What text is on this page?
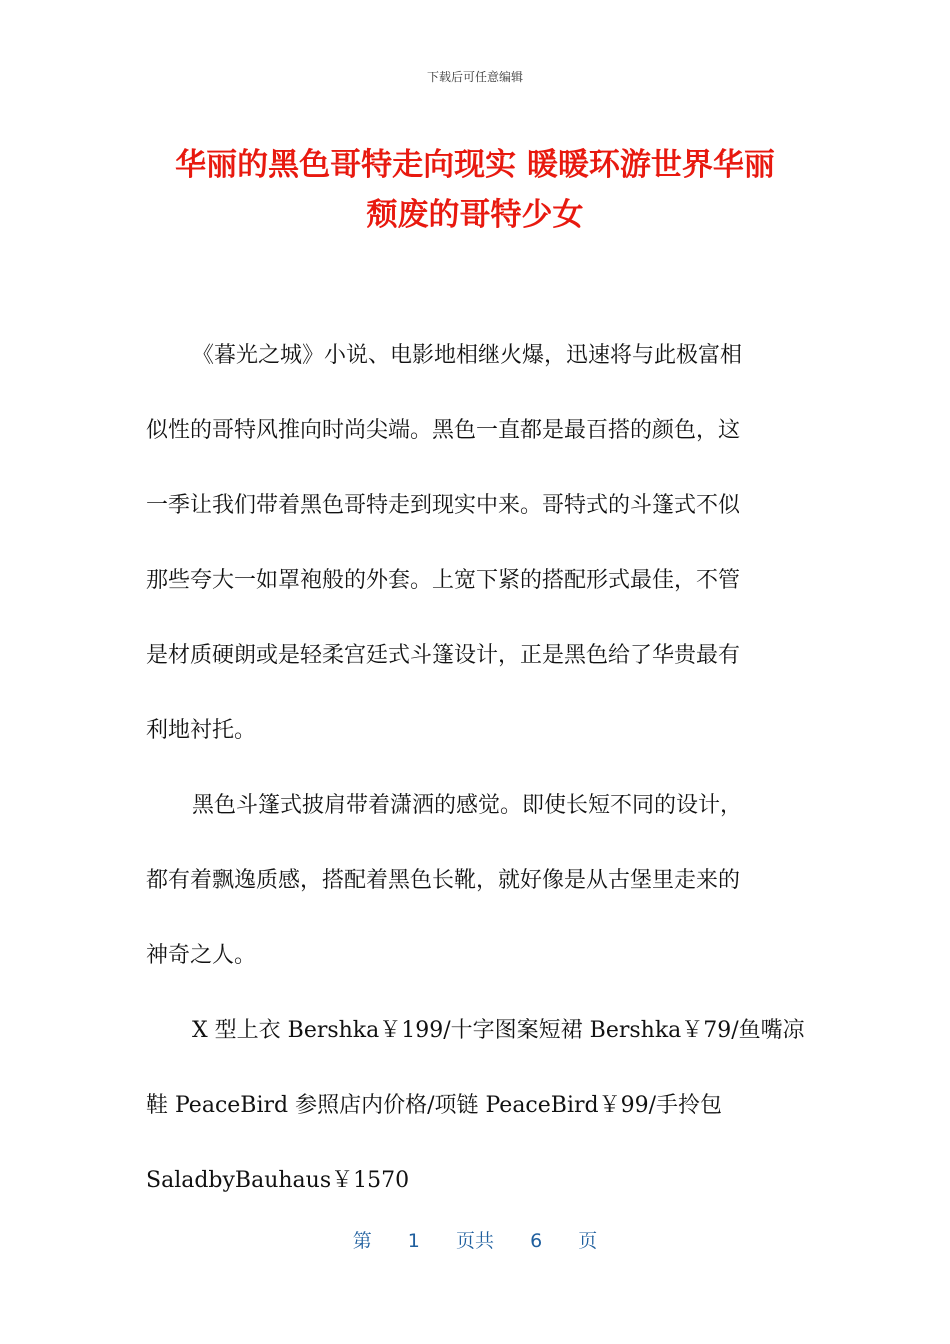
下载后可任意编辑
华丽的黑色哥特走向现实 暖暖环游世界华丽
颓废的哥特少女

《暮光之城》小说、电影地相继火爆，迅速将与此极富相
似性的哥特风推向时尚尖端。黑色一直都是最百搭的颜色，这
一季让我们带着黑色哥特走到现实中来。哥特式的斗篷式不似
那些夸大一如罩袍般的外套。上宽下紧的搭配形式最佳，不管
是材质硬朗或是轻柔宫廷式斗篷设计，正是黑色给了华贵最有
利地衬托。

黑色斗篷式披肩带着潇洒的感觉。即使长短不同的设计，
都有着飘逸质感，搭配着黑色长靴，就好像是从古堡里走来的
神奇之人。

X 型上衣 Bershka￥199/十字图案短裙 Bershka￥79/鱼嘴凉
鞋 PeaceBird 参照店内价格/项链 PeaceBird￥99/手拎包
SaladbyBauhaus￥1570

第 1 页共 6 页
